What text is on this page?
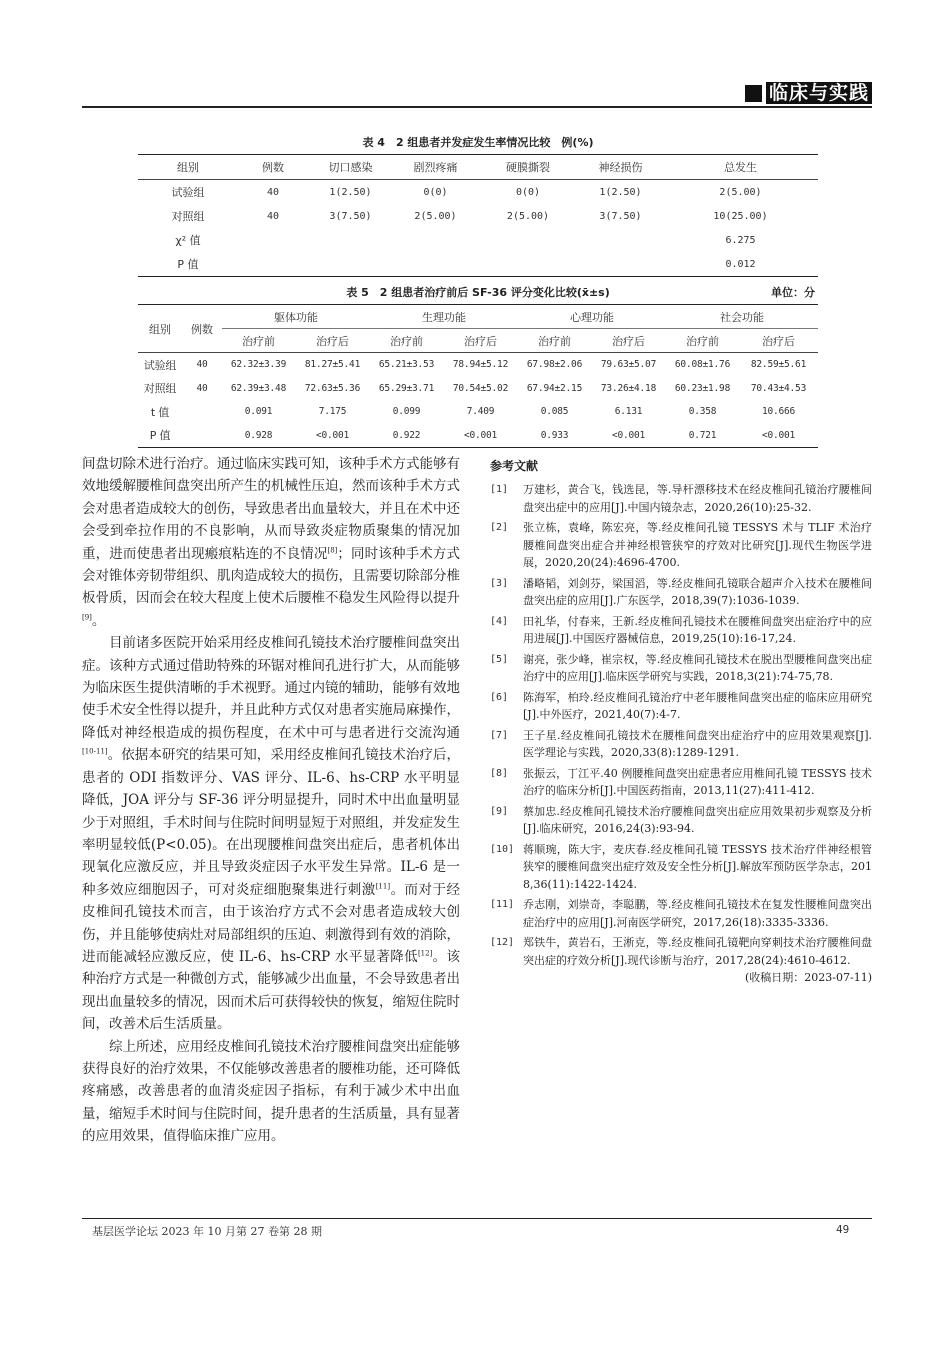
临床与实践
表 4　2 组患者并发症发生率情况比较　例(%)
组别	例数	切口感染	剧烈疼痛	硬膜撕裂	神经损伤	总发生
试验组	40	1(2.50)	0(0)	0(0)	1(2.50)	2(5.00)
对照组	40	3(7.50)	2(5.00)	2(5.00)	3(7.50)	10(25.00)
χ² 值						6.275
P 值						0.012
表 5　2 组患者治疗前后 SF-36 评分变化比较(x̄±s)	单位：分
组别	例数	躯体功能		生理功能		心理功能		社会功能	
		治疗前	治疗后	治疗前	治疗后	治疗前	治疗后	治疗前	治疗后
试验组	40	62.32±3.39	81.27±5.41	65.21±3.53	78.94±5.12	67.98±2.06	79.63±5.07	60.08±1.76	82.59±5.61
对照组	40	62.39±3.48	72.63±5.36	65.29±3.71	70.54±5.02	67.94±2.15	73.26±4.18	60.23±1.98	70.43±4.53
t 值		0.091	7.175	0.099	7.409	0.085	6.131	0.358	10.666
P 值		0.928	<0.001	0.922	<0.001	0.933	<0.001	0.721	<0.001

间盘切除术进行治疗。通过临床实践可知，该种手术方式能够有效地缓解腰椎间盘突出所产生的机械性压迫，然而该种手术方式会对患者造成较大的创伤，导致患者出血量较大，并且在术中还会受到牵拉作用的不良影响，从而导致炎症物质聚集的情况加重，进而使患者出现瘢痕粘连的不良情况[8]；同时该种手术方式会对锥体旁韧带组织、肌肉造成较大的损伤，且需要切除部分椎板骨质，因而会在较大程度上使术后腰椎不稳发生风险得以提升[9]。

目前诸多医院开始采用经皮椎间孔镜技术治疗腰椎间盘突出症。该种方式通过借助特殊的环锯对椎间孔进行扩大，从而能够为临床医生提供清晰的手术视野。通过内镜的辅助，能够有效地使手术安全性得以提升，并且此种方式仅对患者实施局麻操作，降低对神经根造成的损伤程度，在术中可与患者进行交流沟通[10-11]。依据本研究的结果可知，采用经皮椎间孔镜技术治疗后，患者的 ODI 指数评分、VAS 评分、IL-6、hs-CRP 水平明显降低，JOA 评分与 SF-36 评分明显提升，同时术中出血量明显少于对照组，手术时间与住院时间明显短于对照组，并发症发生率明显较低(P<0.05)。在出现腰椎间盘突出症后，患者机体出现氧化应激反应，并且导致炎症因子水平发生异常。IL-6 是一种多效应细胞因子，可对炎症细胞聚集进行刺激[11]。而对于经皮椎间孔镜技术而言，由于该治疗方式不会对患者造成较大创伤，并且能够使病灶对局部组织的压迫、刺激得到有效的消除，进而能减轻应激反应，使 IL-6、hs-CRP 水平显著降低[12]。该种治疗方式是一种微创方式，能够减少出血量，不会导致患者出现出血量较多的情况，因而术后可获得较快的恢复，缩短住院时间，改善术后生活质量。

综上所述，应用经皮椎间孔镜技术治疗腰椎间盘突出症能够获得良好的治疗效果，不仅能够改善患者的腰椎功能，还可降低疼痛感，改善患者的血清炎症因子指标，有利于减少术中出血量，缩短手术时间与住院时间，提升患者的生活质量，具有显著的应用效果，值得临床推广应用。

参考文献
[1]	万建杉，黄合飞，钱选昆，等.导杆漂移技术在经皮椎间孔镜治疗腰椎间盘突出症中的应用[J].中国内镜杂志，2020,26(10):25-32.
[2]	张立栋，袁峰，陈宏亮，等.经皮椎间孔镜 TESSYS 术与 TLIF 术治疗腰椎间盘突出症合并神经根管狭窄的疗效对比研究[J].现代生物医学进展，2020,20(24):4696-4700.
[3]	潘略韬，刘剑芬，梁国滔，等.经皮椎间孔镜联合超声介入技术在腰椎间盘突出症的应用[J].广东医学，2018,39(7):1036-1039.
[4]	田礼华，付春来，王新.经皮椎间孔镜技术在腰椎间盘突出症治疗中的应用进展[J].中国医疗器械信息，2019,25(10):16-17,24.
[5]	谢亮，张少峰，崔宗权，等.经皮椎间孔镜技术在脱出型腰椎间盘突出症治疗中的应用[J].临床医学研究与实践，2018,3(21):74-75,78.
[6]	陈海军，柏玲.经皮椎间孔镜治疗中老年腰椎间盘突出症的临床应用研究[J].中外医疗，2021,40(7):4-7.
[7]	王子星.经皮椎间孔镜技术在腰椎间盘突出症治疗中的应用效果观察[J].医学理论与实践，2020,33(8):1289-1291.
[8]	张振云，丁江平.40 例腰椎间盘突出症患者应用椎间孔镜 TESSYS 技术治疗的临床分析[J].中国医药指南，2013,11(27):411-412.
[9]	蔡加忠.经皮椎间孔镜技术治疗腰椎间盘突出症应用效果初步观察及分析[J].临床研究，2016,24(3):93-94.
[10] 蒋顺琬，陈大宇，麦庆春.经皮椎间孔镜 TESSYS 技术治疗伴神经根管狭窄的腰椎间盘突出症疗效及安全性分析[J].解放军预防医学杂志，2018,36(11):1422-1424.
[11] 乔志刚，刘崇奇，李聪鹏，等.经皮椎间孔镜技术在复发性腰椎间盘突出症治疗中的应用[J].河南医学研究，2017,26(18):3335-3336.
[12] 郑铁牛，黄岩石，王淅克，等.经皮椎间孔镜靶向穿刺技术治疗腰椎间盘突出症的疗效分析[J].现代诊断与治疗，2017,28(24):4610-4612.
(收稿日期：2023-07-11)
基层医学论坛 2023 年 10 月第 27 卷第 28 期	49
